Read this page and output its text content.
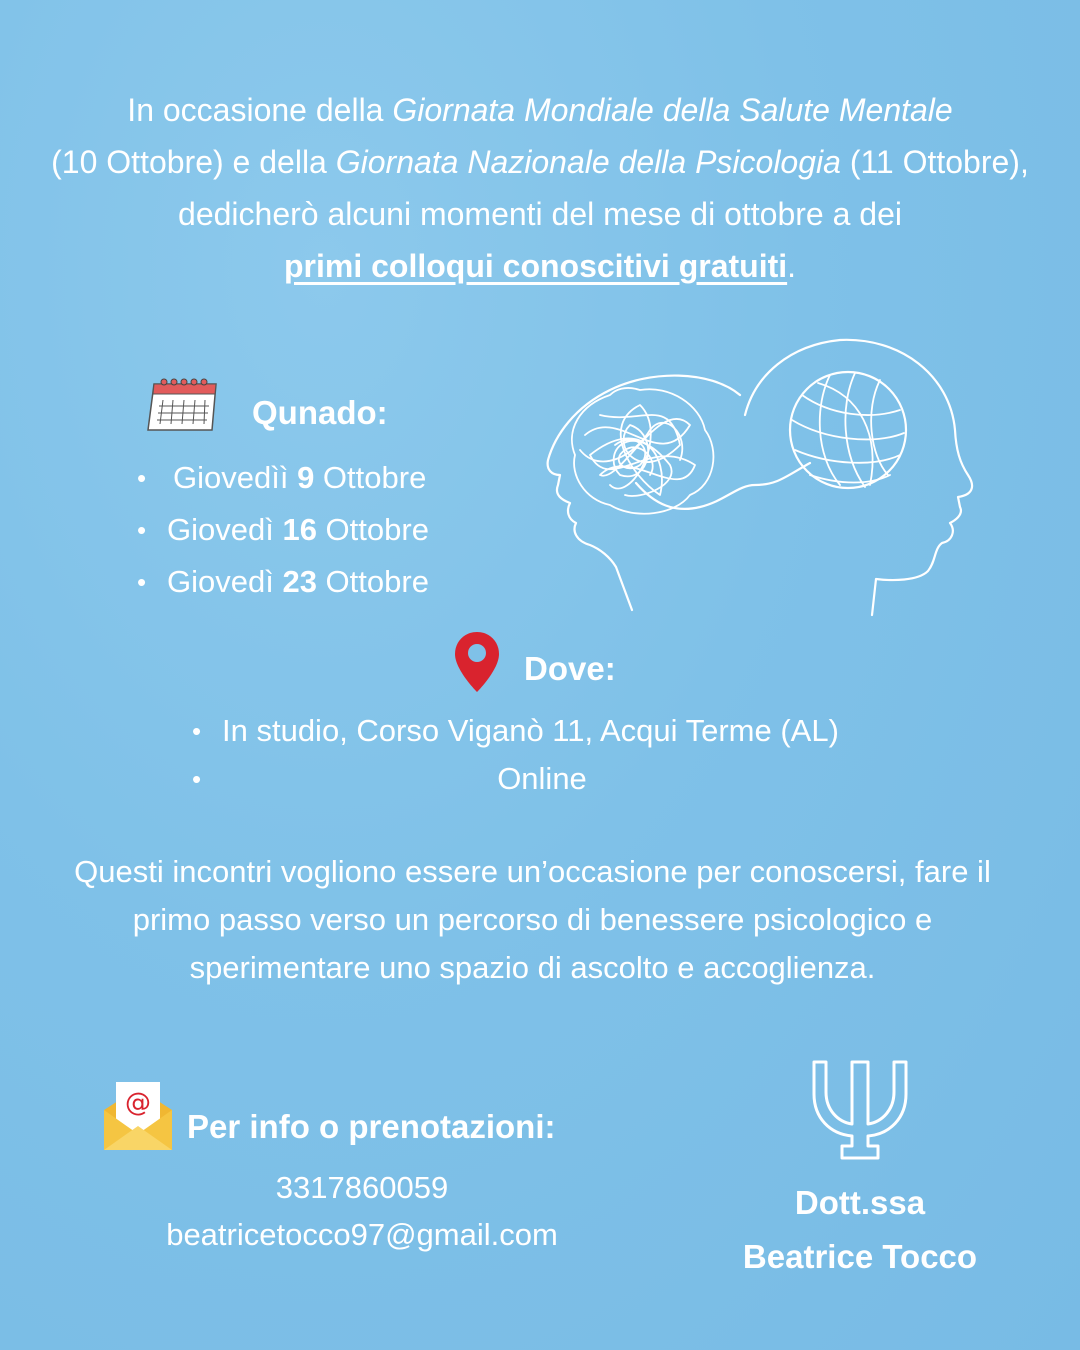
In occasione della Giornata Mondiale della Salute Mentale
(10 Ottobre) e della Giornata Nazionale della Psicologia (11 Ottobre), dedicherò alcuni momenti del mese di ottobre a dei
primi colloqui conoscitivi gratuiti.
Qunado:
• Giovedìì 9 Ottobre
• Giovedì 16 Ottobre
• Giovedì 23 Ottobre
Dove:
• In studio, Corso Viganò 11, Acqui Terme (AL)
• Online
Questi incontri vogliono essere un’occasione per conoscersi, fare il primo passo verso un percorso di benessere psicologico e sperimentare uno spazio di ascolto e accoglienza.
@
Per info o prenotazioni:
3317860059
beatricetocco97@gmail.com
Dott.ssa
Beatrice Tocco
